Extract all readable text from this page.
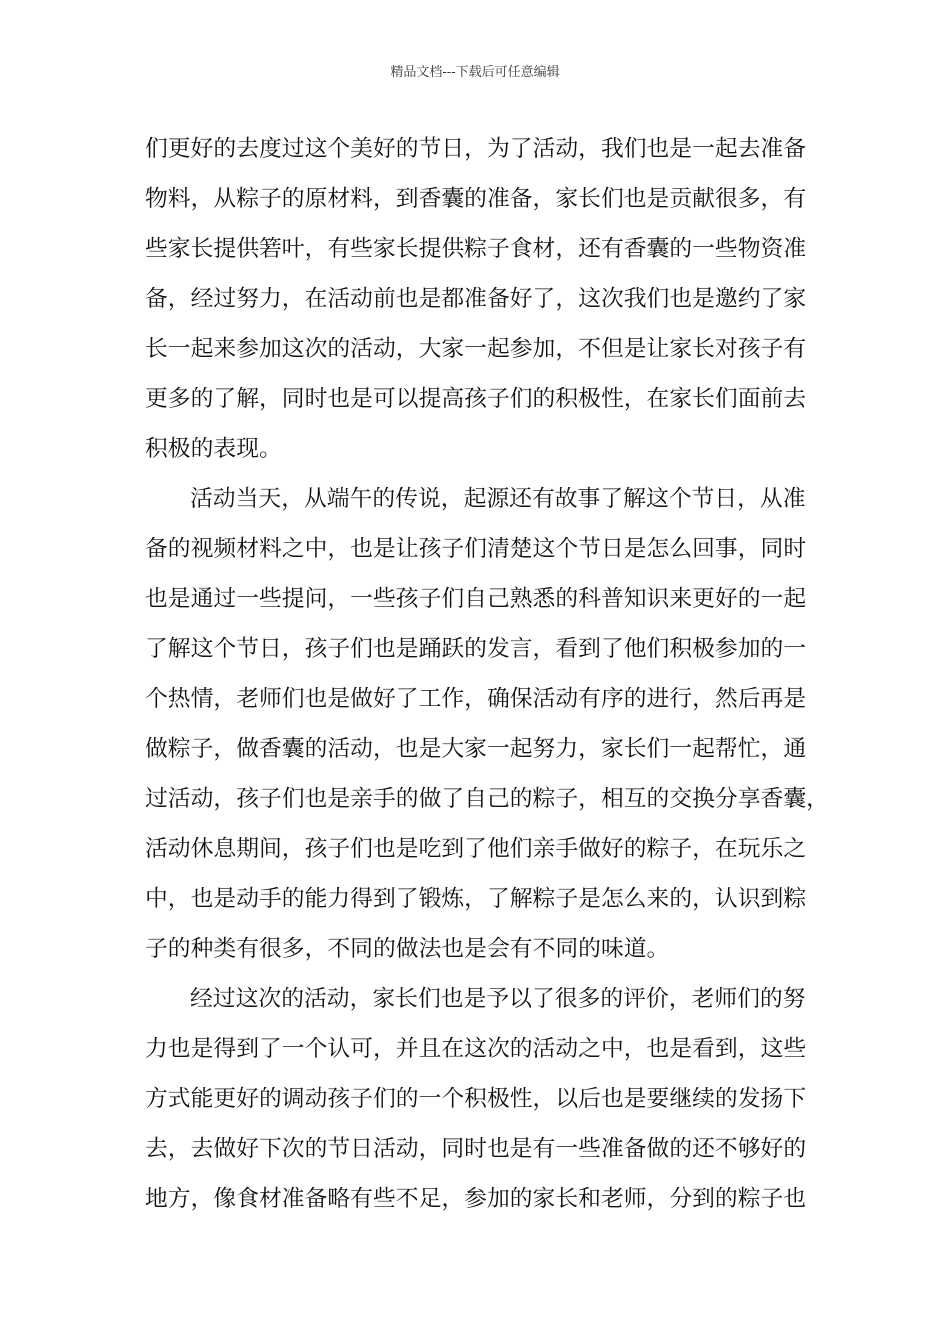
精品文档---下载后可任意编辑
们更好的去度过这个美好的节日，为了活动，我们也是一起去准备
物料，从粽子的原材料，到香囊的准备，家长们也是贡献很多，有
些家长提供箬叶，有些家长提供粽子食材，还有香囊的一些物资准
备，经过努力，在活动前也是都准备好了，这次我们也是邀约了家
长一起来参加这次的活动，大家一起参加，不但是让家长对孩子有
更多的了解，同时也是可以提高孩子们的积极性，在家长们面前去
积极的表现。
活动当天，从端午的传说，起源还有故事了解这个节日，从准
备的视频材料之中，也是让孩子们清楚这个节日是怎么回事，同时
也是通过一些提问，一些孩子们自己熟悉的科普知识来更好的一起
了解这个节日，孩子们也是踊跃的发言，看到了他们积极参加的一
个热情，老师们也是做好了工作，确保活动有序的进行，然后再是
做粽子，做香囊的活动，也是大家一起努力，家长们一起帮忙，通
过活动，孩子们也是亲手的做了自己的粽子，相互的交换分享香囊，
活动休息期间，孩子们也是吃到了他们亲手做好的粽子，在玩乐之
中，也是动手的能力得到了锻炼，了解粽子是怎么来的，认识到粽
子的种类有很多，不同的做法也是会有不同的味道。
经过这次的活动，家长们也是予以了很多的评价，老师们的努
力也是得到了一个认可，并且在这次的活动之中，也是看到，这些
方式能更好的调动孩子们的一个积极性，以后也是要继续的发扬下
去，去做好下次的节日活动，同时也是有一些准备做的还不够好的
地方，像食材准备略有些不足，参加的家长和老师，分到的粽子也
